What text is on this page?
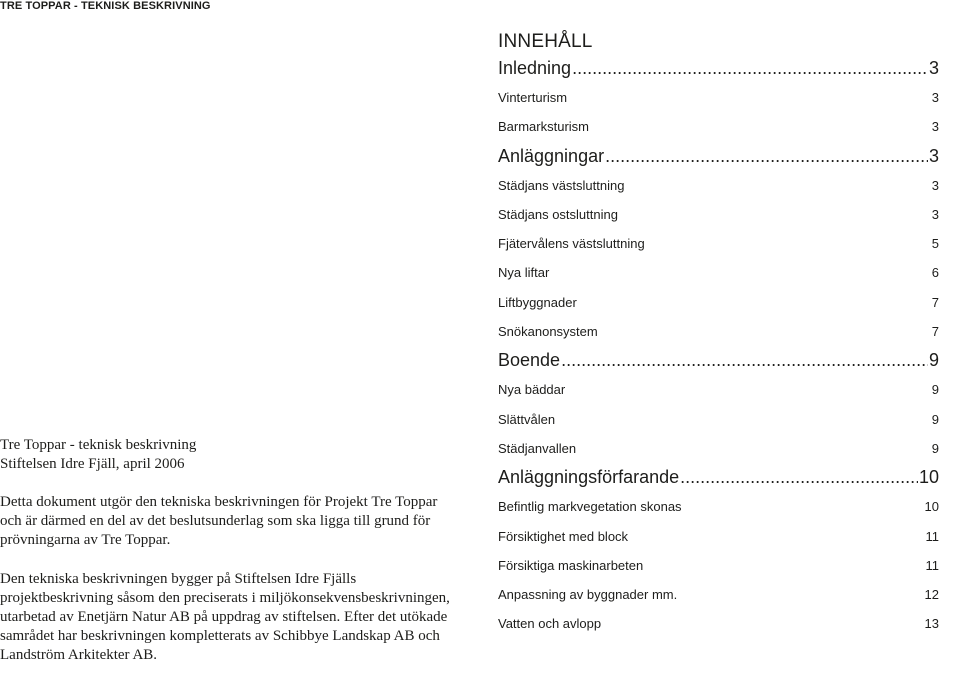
TRE TOPPAR - TEKNISK BESKRIVNING

Tre Toppar - teknisk beskrivning

Stiftelsen Idre Fjäll, april 2006

Detta dokument utgör den tekniska beskrivningen för Projekt Tre Toppar och är därmed en del av det beslutsunderlag som ska ligga till grund för prövningarna av Tre Toppar.

Den tekniska beskrivningen bygger på Stiftelsen Idre Fjälls projektbeskrivning såsom den preciserats i miljökonsekvensbeskrivningen, utarbetad av Enetjärn Natur AB på uppdrag av stiftelsen. Efter det utökade samrådet har beskrivningen kompletterats av Schibbye Landskap AB och Landström Arkitekter AB.

INNEHÅLL
Inledning .....	3
Vinterturism	3
Barmarksturism	3
Anläggningar .....	3
Städjans västsluttning	3
Städjans ostsluttning	3
Fjätervålens västsluttning	5
Nya liftar	6
Liftbyggnader	7
Snökanonsystem	7
Boende .....	9
Nya bäddar	9
Slättvålen	9
Städjanvallen	9
Anläggningsförfarande .....	10
Befintlig markvegetation skonas	10
Försiktighet med block	11
Försiktiga maskinarbeten	11
Anpassning av byggnader mm.	12
Vatten och avlopp	13
